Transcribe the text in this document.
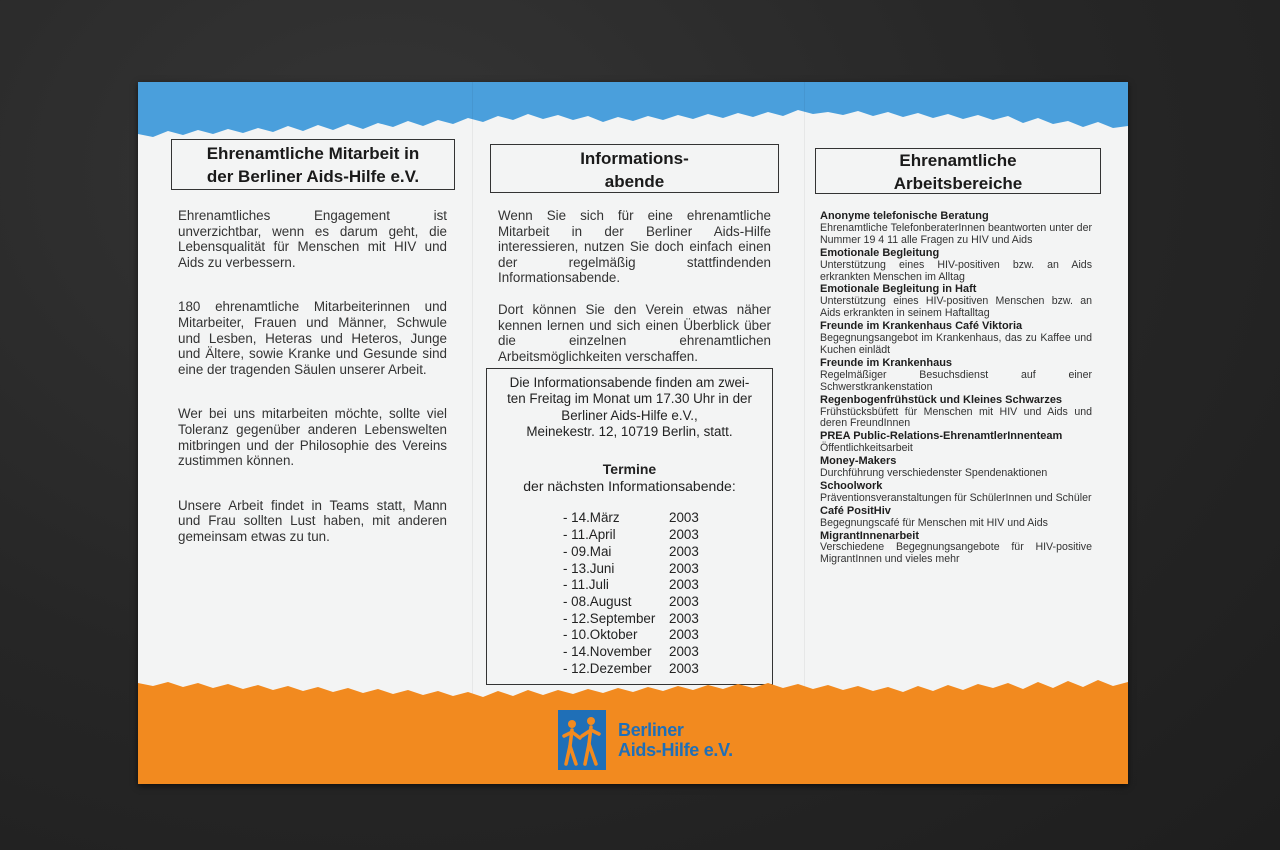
Ehrenamtliche Mitarbeit in
der Berliner Aids-Hilfe e.V.

Ehrenamtliches Engagement ist unverzichtbar, wenn es darum geht, die Lebensqualität für Menschen mit HIV und Aids zu verbessern.

180 ehrenamtliche Mitarbeiterinnen und Mitarbeiter, Frauen und Männer, Schwule und Lesben, Heteras und Heteros, Junge und Ältere, sowie Kranke und Gesunde sind eine der tragenden Säulen unserer Arbeit.

Wer bei uns mitarbeiten möchte, sollte viel Toleranz gegenüber anderen Lebenswelten mitbringen und der Philosophie des Vereins zustimmen können.

Unsere Arbeit findet in Teams statt, Mann und Frau sollten Lust haben, mit anderen gemeinsam etwas zu tun.

Informations-
abende

Wenn Sie sich für eine ehrenamtliche Mitarbeit in der Berliner Aids-Hilfe interessieren, nutzen Sie doch einfach einen der regelmäßig stattfindenden Informationsabende.

Dort können Sie den Verein etwas näher kennen lernen und sich einen Überblick über die einzelnen ehrenamtlichen Arbeitsmöglichkeiten verschaffen.

Die Informationsabende finden am zwei-
ten Freitag im Monat um 17.30 Uhr in der
Berliner Aids-Hilfe e.V.,
Meinekestr. 12, 10719 Berlin, statt.
Termine
der nächsten Informationsabende:
- 14.März	2003
- 11.April	2003
- 09.Mai	2003
- 13.Juni	2003
- 11.Juli	2003
- 08.August	2003
- 12.September	2003
- 10.Oktober	2003
- 14.November	2003
- 12.Dezember	2003
Ehrenamtliche
Arbeitsbereiche
Anonyme telefonische Beratung
Ehrenamtliche TelefonberaterInnen beantworten unter der Nummer 19 4 11 alle Fragen zu HIV und Aids
Emotionale Begleitung
Unterstützung eines HIV-positiven bzw. an Aids erkrankten Menschen im Alltag
Emotionale Begleitung in Haft
Unterstützung eines HIV-positiven Menschen bzw. an Aids erkrankten in seinem Haftalltag
Freunde im Krankenhaus Café Viktoria
Begegnungsangebot im Krankenhaus, das zu Kaffee und Kuchen einlädt
Freunde im Krankenhaus
Regelmäßiger Besuchsdienst auf einer Schwerstkrankenstation
Regenbogenfrühstück und Kleines Schwarzes
Frühstücksbüfett für Menschen mit HIV und Aids und deren FreundInnen
PREA Public-Relations-EhrenamtlerInnenteam
Öffentlichkeitsarbeit
Money-Makers
Durchführung verschiedenster Spendenaktionen
Schoolwork
Präventionsveranstaltungen für SchülerInnen und Schüler
Café PositHiv
Begegnungscafé für Menschen mit HIV und Aids
MigrantInnenarbeit
Verschiedene Begegnungsangebote für HIV-positive MigrantInnen und vieles mehr
Berliner
Aids-Hilfe e.V.
